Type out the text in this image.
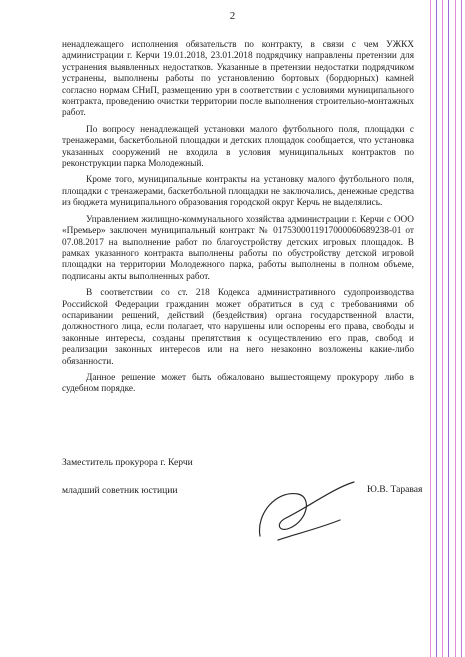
2

ненадлежащего исполнения обязательств по контракту, в связи с чем УЖКХ администрации г. Керчи 19.01.2018, 23.01.2018 подрядчику направлены претензии для устранения выявленных недостатков. Указанные в претензии недостатки подрядчиком устранены, выполнены работы по установлению бортовых (бордюрных) камней согласно нормам СНиП, размещению урн в соответствии с условиями муниципального контракта, проведению очистки территории после выполнения строительно-монтажных работ.

По вопросу ненадлежащей установки малого футбольного поля, площадки с тренажерами, баскетбольной площадки и детских площадок сообщается, что установка указанных сооружений не входила в условия муниципальных контрактов по реконструкции парка Молодежный.

Кроме того, муниципальные контракты на установку малого футбольного поля, площадки с тренажерами, баскетбольной площадки не заключались, денежные средства из бюджета муниципального образования городской округ Керчь не выделялись.

Управлением жилищно-коммунального хозяйства администрации г. Керчи с ООО «Премьер» заключен муниципальный контракт № 0175300011917000060689238-01 от 07.08.2017 на выполнение работ по благоустройству детских игровых площадок. В рамках указанного контракта выполнены работы по обустройству детской игровой площадки на территории Молодежного парка, работы выполнены в полном объеме, подписаны акты выполненных работ.

В соответствии со ст. 218 Кодекса административного судопроизводства Российской Федерации гражданин может обратиться в суд с требованиями об оспаривании решений, действий (бездействия) органа государственной власти, должностного лица, если полагает, что нарушены или оспорены его права, свободы и законные интересы, созданы препятствия к осуществлению его прав, свобод и реализации законных интересов или на него незаконно возложены какие-либо обязанности.

Данное решение может быть обжаловано вышестоящему прокурору либо в судебном порядке.

Заместитель прокурора г. Керчи
младший советник юстиции	Ю.В. Таравая
